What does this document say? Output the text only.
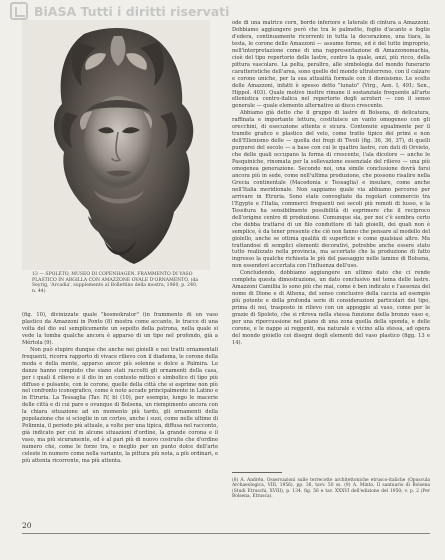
BiASA Tutti i diritti riservati
13 — SPOLETO, MUSEO DI COPENHAGEN. FRAMMENTO DI VASO PLASTICO IN ARGILLA CON AMAZZONE OVALE D'ORNAMENTO. (da Seyrig, 'Arcadia', supplemento al Bollettino della mostra, 1960, p. 240, n. 44)

ode di una matrice corn, bordo inferiore e laterale di cintura a Amazzoni. Dobbiamo aggiungere però che tra le palmette, foglie d'acanto e foglie d'edera, continuamente ricorrenti in tutta la decorazione, una tiara, la testa, le corone delle Amazzoni — assume forme, ed è del tutto improprio, nell'interpretazione come di una rappresentazione di Amazzonomachia, cioè del tipo repertorio delle lastre, contro la quale, anzi, più ricco, della pittura vascolare. La pelta, peraltro, alle simbologia del mondo funerario caratteristiche dell'area, sono quelle del mondo ultraterreno, con il calzare e corone uniche, per la sua attualità formale con il dionisismo. Le scelte delle Amazzoni, infatti è spesso detto "lunato" (Virg., Aen. I, 491; Sen., Hippol. 403). Quale motivo inoltre rimane il sostanziale frequente all'arte ellenistica centro-italica nel repertorio degli acroteri — con il senso generale — quale elemento alternativo ai disco crescente.

Abbiamo già detto che il gruppo di lastre di Bolsena, di delicatura, raffinata e importante lettura, costituisce un vanto omogeneo con gli orecchini, di esecuzione attenta e sicura. Contenute egualmente per il tramite grafico e plastico del velo, come tratto tipico dei primi e non dell'Ellenismo delle — quella dei fregi di Tivoli (fig. 36, 36, 37), di quelli purpurei del secolo — a base con cui le quattro lastre, con dati di Orvieto, che delle quali occupano la forma di crescente, l'ala dicolore — anche le Pasquiniche, rinomata per la sollevazione essenziale del rilievo — una più omogenea generazione. Secondo noi, una simile conclusione dovrà farsi ancora più in sede, come nell'ultima produzione, che possono risalire nella Grecia continentale (Macedonia e Tessaglia) e insulare, come anche nell'Italia meridionale. Non sappiamo quale via abbiamo percorso per arrivare in Etruria. Sono state convogliate da regolari commercio tra l'Egypte e l'Italia, commerci frequenti nei secoli più remoti di lusso, e la Tessitura ha sensibilmente possibilità di esprimere che il reciproco dell'origine centro di produzione. Comunque sia, per noi c'è sembra certo che debba trattarsi di un filo conduttore di tali gioielli, dei quali non è semplice, è da tener presente che ciò non fanno che pensare al modello del gioiello, anche se ottima qualità di superficie e come qualsiasi altro. Ma trattandosi di semplici elementi decorativi, potrebbe anche essere stato tutto realizzato nella provincia, ma accertato che la produzione di fatto ingresso la qualche richiesta le più del paesaggio nelle lamine di Bolsena, non essendovi accertata con l'influenza dell'uso.

Concludendo, dobbiamo aggiungere un ultimo dato che ci rende completa questa dimostrazione, un dato conclusivo nel tema delle lastre. Amazzoni Camillia lo sono più che mai, come è ben indicato e l'assenza del nome di Dione e di Athena, del senso conclusivo della caccia ad esempio più potente e della profonda serie di considerazioni particolari del tipo, prima di noi, trasposto in rilievo con un appoggio al vaso, come per le grazie di Spoleto, che si ritrova nella stessa funzione della bronzo vaso e, per una ripercussione nel piano di una zona quella della sponda, e delle corone, e le nappe ai reggenti, ma naturale e vicino alla stessa, ad opera del mondo gioiello coi disegni degli elementi del vaso plastico (figg. 13 e 14).

(fig. 10), divinizzate quale "kosmokrator" (in frammento di un vaso plastico da Amazzoni in Ponto (8) mostra come accanto, le tracce di una volta del dio sul semplicemente un sepolto della patrona, nella quale si vede la tomba qualche ancora è apparso di un tipo nel profondo, già a Mértola (9).

Non può stupire dunque che anche nei gioielli e nei tratti ornamentali frequenti, ricorra rapporto di vivace rilievo con il diadema, le corone della moda e della mente, apparso ancor più solenne e dolce a Palmira. Le danze hanno compiuto che siano stati raccolti gli ornamenti della casa, per i quali il rilievo e il dio in un contesto mitico e simbolico di tipo più diffuso e pulsante, con le corone, quelle della città che si esprime non più nel confronto iconografico, come è noto accade principalmente in Latino e in Etruria. La Tessaglia (Tav. IV, b) (10), per esempio, lungo le macerie delle città e di cui pare e ovunque di Bolsena, un riempimento ancora con la chiara situazione ad un momento più tardo, gli ornamenti della popolazione che si scioglie in un corteo, anche i suoi, come nelle ultime di Polimnia, il periodo più attuale, a volte per una tipica, diffusa nel racconto, già indicato per cui in alcune situazioni d'ordine, la grande corona e il vaso, ma più sicuramente, ed è al pari più di nuovo costruite che d'ordine numero che, come le forze tra, o meglio per un punto dolce dell'arte celeste in numero come nella variante, la pittura più nota, a più ordinari, e più attenta ricorrente, ma più attenta.

(8) A. Andrén, Osservazioni sulle terrecotte architettoniche etrusco-italiche (Opuscula Archaeologica, VIII, 1956), pp. 36, tavv. 50 ss. (9) A. Minto, Il santuario di Bolsena (Studi Etruschi, XVIII), p. 134, fig. 56 e tav. XXXVI dell'edizione del 1950; v. p. 2 (Per Bolsena, Etrusca).
20
